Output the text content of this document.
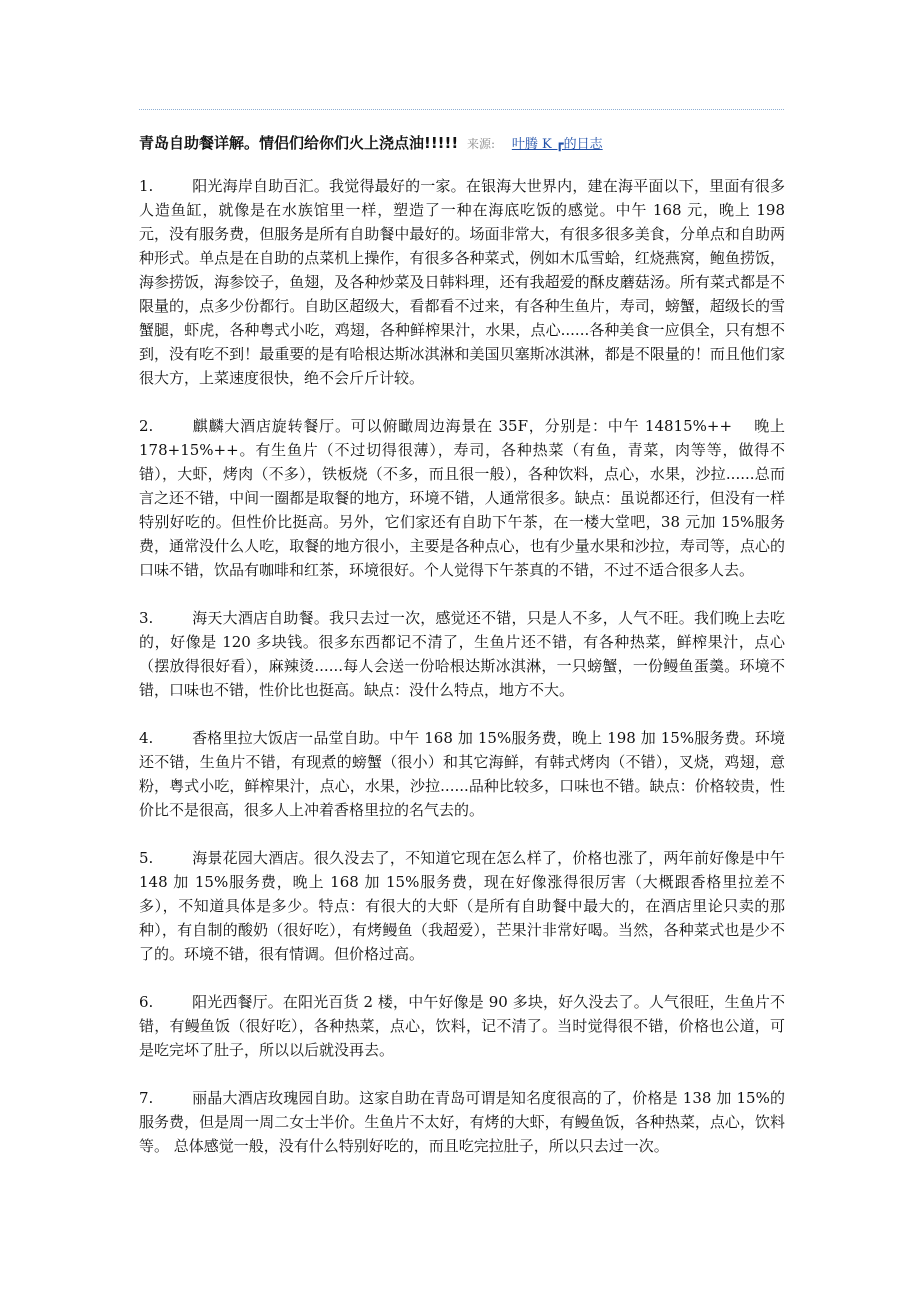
青岛自助餐详解。情侣们给你们火上浇点油!!!!! 来源: 叶腾 K ┏的日志

1.	阳光海岸自助百汇。我觉得最好的一家。在银海大世界内，建在海平面以下，里面有很多人造鱼缸，就像是在水族馆里一样，塑造了一种在海底吃饭的感觉。中午 168 元，晚上 198 元，没有服务费，但服务是所有自助餐中最好的。场面非常大，有很多很多美食，分单点和自助两种形式。单点是在自助的点菜机上操作，有很多各种菜式，例如木瓜雪蛤，红烧燕窝，鲍鱼捞饭，海参捞饭，海参饺子，鱼翅，及各种炒菜及日韩料理，还有我超爱的酥皮蘑菇汤。所有菜式都是不限量的，点多少份都行。自助区超级大，看都看不过来，有各种生鱼片，寿司，螃蟹，超级长的雪蟹腿，虾虎，各种粤式小吃，鸡翅，各种鲜榨果汁，水果，点心......各种美食一应俱全，只有想不到，没有吃不到！最重要的是有哈根达斯冰淇淋和美国贝塞斯冰淇淋，都是不限量的！而且他们家很大方，上菜速度很快，绝不会斤斤计较。

2.	麒麟大酒店旋转餐厅。可以俯瞰周边海景在 35F，分别是：中午 14815%++　 晚上 178+15%++。有生鱼片（不过切得很薄），寿司，各种热菜（有鱼，青菜，肉等等，做得不错），大虾，烤肉（不多），铁板烧（不多，而且很一般），各种饮料，点心，水果，沙拉......总而言之还不错，中间一圈都是取餐的地方，环境不错，人通常很多。缺点：虽说都还行，但没有一样特别好吃的。但性价比挺高。另外，它们家还有自助下午茶，在一楼大堂吧，38 元加 15%服务费，通常没什么人吃，取餐的地方很小，主要是各种点心，也有少量水果和沙拉，寿司等，点心的口味不错，饮品有咖啡和红茶，环境很好。个人觉得下午茶真的不错，不过不适合很多人去。

3.	海天大酒店自助餐。我只去过一次，感觉还不错，只是人不多，人气不旺。我们晚上去吃的，好像是 120 多块钱。很多东西都记不清了，生鱼片还不错，有各种热菜，鲜榨果汁，点心（摆放得很好看），麻辣烫......每人会送一份哈根达斯冰淇淋，一只螃蟹，一份鳗鱼蛋羹。环境不错，口味也不错，性价比也挺高。缺点：没什么特点，地方不大。

4.	香格里拉大饭店一品堂自助。中午 168 加 15%服务费，晚上 198 加 15%服务费。环境还不错，生鱼片不错，有现煮的螃蟹（很小）和其它海鲜，有韩式烤肉（不错），叉烧，鸡翅，意粉，粤式小吃，鲜榨果汁，点心，水果，沙拉......品种比较多，口味也不错。缺点：价格较贵，性价比不是很高，很多人上冲着香格里拉的名气去的。

5.	海景花园大酒店。很久没去了，不知道它现在怎么样了，价格也涨了，两年前好像是中午 148 加 15%服务费，晚上 168 加 15%服务费，现在好像涨得很厉害（大概跟香格里拉差不多），不知道具体是多少。特点：有很大的大虾（是所有自助餐中最大的，在酒店里论只卖的那种），有自制的酸奶（很好吃），有烤鳗鱼（我超爱），芒果汁非常好喝。当然，各种菜式也是少不了的。环境不错，很有情调。但价格过高。

6.	阳光西餐厅。在阳光百货 2 楼，中午好像是 90 多块，好久没去了。人气很旺，生鱼片不错，有鳗鱼饭（很好吃），各种热菜，点心，饮料，记不清了。当时觉得很不错，价格也公道，可是吃完坏了肚子，所以以后就没再去。

7.	丽晶大酒店玫瑰园自助。这家自助在青岛可谓是知名度很高的了，价格是 138 加 15%的服务费，但是周一周二女士半价。生鱼片不太好，有烤的大虾，有鳗鱼饭，各种热菜，点心，饮料等。 总体感觉一般，没有什么特别好吃的，而且吃完拉肚子，所以只去过一次。
